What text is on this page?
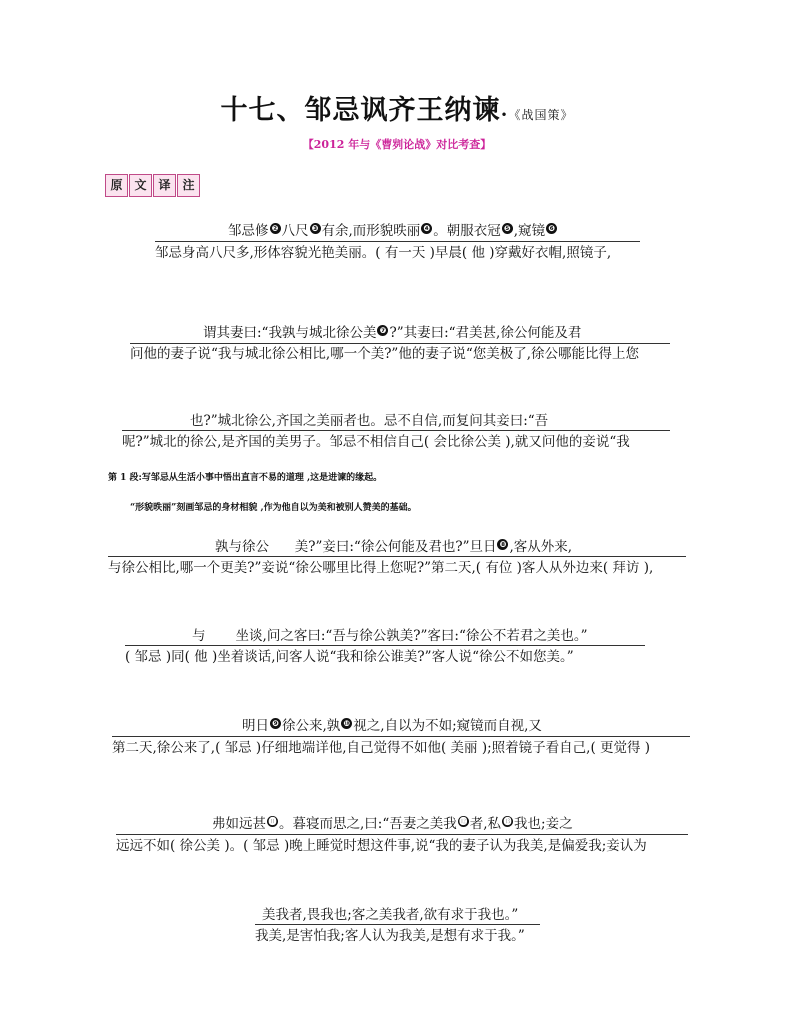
十七、邹忌讽齐王纳谏•《战国策》
【2012 年与《曹刿论战》对比考查】
原 文 译 注
邹忌修 ❷ 八尺 ❸ 有余,而形貌昳丽 ❹ 。朝服衣冠 ❺ ,窥镜 ❻
邹忌身高八尺多,形体容貌光艳美丽。( 有一天 )早晨( 他 )穿戴好衣帽,照镜子,
谓其妻曰:“我孰与城北徐公美 ❼ ?”其妻曰:“君美甚,徐公何能及君
问他的妻子说“我与城北徐公相比,哪一个美?”他的妻子说“您美极了,徐公哪能比得上您
也?”城北徐公,齐国之美丽者也。忌不自信,而复问其妾曰:“吾
呢?”城北的徐公,是齐国的美男子。邹忌不相信自己( 会比徐公美 ),就又问他的妾说“我
第 1 段:写邹忌从生活小事中悟出直言不易的道理 ,这是进谏的缘起。
“形貌昳丽”刻画邹忌的身材相貌 ,作为他自以为美和被别人赞美的基础。
孰与徐公      美?”妾曰:“徐公何能及君也?”旦日 ❽ ,客从外来,
与徐公相比,哪一个更美?”妾说“徐公哪里比得上您呢?”第二天,( 有位 )客人从外边来( 拜访 ),
与       坐谈,问之客曰:“吾与徐公孰美?”客曰:“徐公不若君之美也。”
( 邹忌 )同( 他 )坐着谈话,问客人说“我和徐公谁美?”客人说“徐公不如您美。”
明日 ❾ 徐公来,孰 ❿ 视之,自以为不如;窥镜而自视,又
第二天,徐公来了,( 邹忌 )仔细地端详他,自己觉得不如他( 美丽 );照着镜子看自己,( 更觉得 )
弗如远甚 ⓫ 。暮寝而思之,曰:“吾妻之美我 ⓬ 者,私 ⓭ 我也;妾之
远远不如( 徐公美 )。( 邹忌 )晚上睡觉时想这件事,说“我的妻子认为我美,是偏爱我;妾认为
美我者,畏我也;客之美我者,欲有求于我也。”
我美,是害怕我;客人认为我美,是想有求于我。”
